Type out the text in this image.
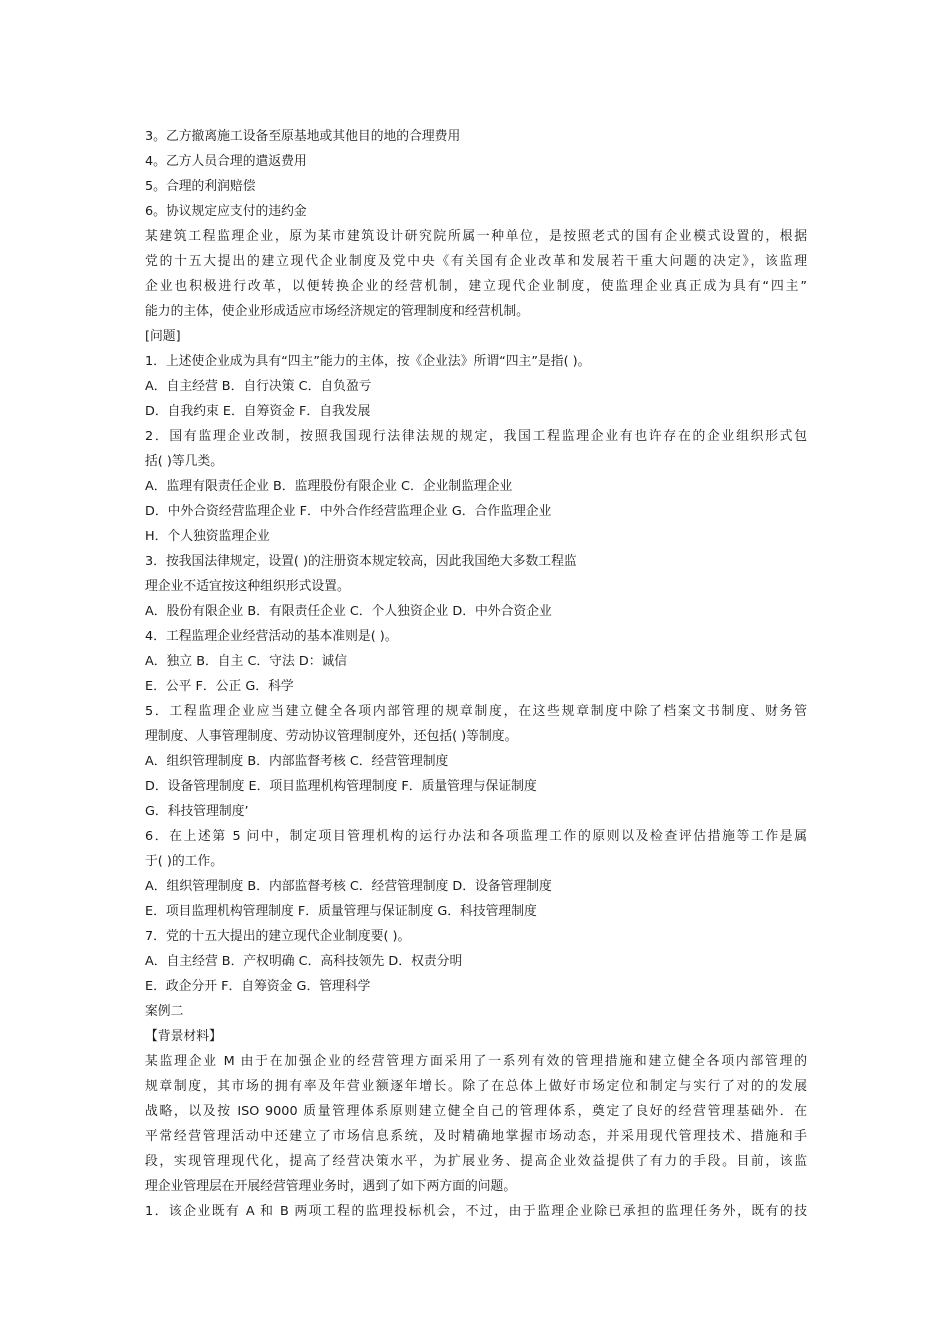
3。乙方撤离施工设备至原基地或其他目的地的合理费用
4。乙方人员合理的遣返费用
5。合理的利润赔偿
6。协议规定应支付的违约金
某建筑工程监理企业，原为某市建筑设计研究院所属一种单位，是按照老式的国有企业模式设置的，根据
党的十五大提出的建立现代企业制度及党中央《有关国有企业改革和发展若干重大问题的决定》，该监理
企业也积极进行改革，以便转换企业的经营机制，建立现代企业制度，使监理企业真正成为具有“四主”
能力的主体，使企业形成适应市场经济规定的管理制度和经营机制。
[问题]
1．上述使企业成为具有“四主”能力的主体，按《企业法》所谓“四主”是指( )。
A．自主经营 B．自行决策 C．自负盈亏
D．自我约束 E．自筹资金 F．自我发展
2．国有监理企业改制，按照我国现行法律法规的规定，我国工程监理企业有也许存在的企业组织形式包
括( )等几类。
A．监理有限责任企业 B．监理股份有限企业 C．企业制监理企业
D．中外合资经营监理企业 F．中外合作经营监理企业 G．合作监理企业
H．个人独资监理企业
3．按我国法律规定，设置( )的注册资本规定较高，因此我国绝大多数工程监
理企业不适宜按这种组织形式设置。
A．股份有限企业 B．有限责任企业 C．个人独资企业 D．中外合资企业
4．工程监理企业经营活动的基本准则是( )。
A．独立 B．自主 C．守法 D：诚信
E．公平 F．公正 G．科学
5．工程监理企业应当建立健全各项内部管理的规章制度，在这些规章制度中除了档案文书制度、财务管
理制度、人事管理制度、劳动协议管理制度外，还包括( )等制度。
A．组织管理制度 B．内部监督考核 C．经营管理制度
D．设备管理制度 E．项目监理机构管理制度 F．质量管理与保证制度
G．科技管理制度’
6．在上述第 5 问中，制定项目管理机构的运行办法和各项监理工作的原则以及检查评估措施等工作是属
于( )的工作。
A．组织管理制度 B．内部监督考核 C．经营管理制度 D．设备管理制度
E．项目监理机构管理制度 F．质量管理与保证制度 G．科技管理制度
7．党的十五大提出的建立现代企业制度要( )。
A．自主经营 B．产权明确 C．高科技领先 D．权责分明
E．政企分开 F．自筹资金 G．管理科学
案例二
【背景材料】
某监理企业 M 由于在加强企业的经营管理方面采用了一系列有效的管理措施和建立健全各项内部管理的
规章制度，其市场的拥有率及年营业额逐年增长。除了在总体上做好市场定位和制定与实行了对的的发展
战略，以及按 ISO 9000 质量管理体系原则建立健全自己的管理体系，奠定了良好的经营管理基础外．在
平常经营管理活动中还建立了市场信息系统，及时精确地掌握市场动态，并采用现代管理技术、措施和手
段，实现管理现代化，提高了经营决策水平，为扩展业务、提高企业效益提供了有力的手段。目前，该监
理企业管理层在开展经营管理业务时，遇到了如下两方面的问题。
1．该企业既有 A 和 B 两项工程的监理投标机会，不过，由于监理企业除已承担的监理任务外，既有的技
